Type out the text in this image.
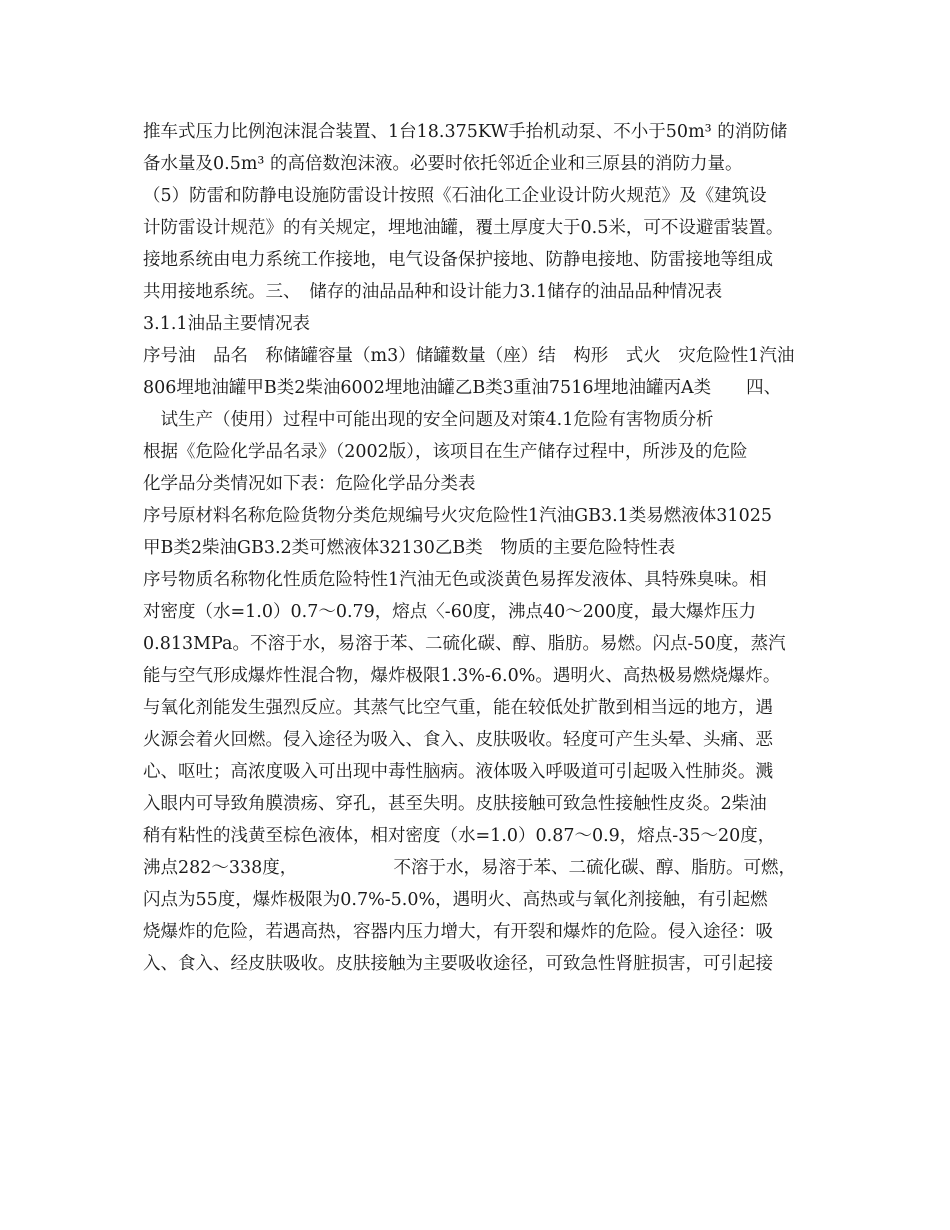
推车式压力比例泡沫混合装置、1台18.375KW手抬机动泵、不小于50m³ 的消防储
备水量及0.5m³ 的高倍数泡沫液。必要时依托邻近企业和三原县的消防力量。
（5）防雷和防静电设施防雷设计按照《石油化工企业设计防火规范》及《建筑设
计防雷设计规范》的有关规定，埋地油罐，覆土厚度大于0.5米，可不设避雷装置。
接地系统由电力系统工作接地，电气设备保护接地、防静电接地、防雷接地等组成
共用接地系统。三、　储存的油品品种和设计能力3.1储存的油品品种情况表
3.1.1油品主要情况表
序号油　品名　称储罐容量（m3）储罐数量（座）结　构形　式火　灾危险性1汽油
806埋地油罐甲B类2柴油6002埋地油罐乙B类3重油7516埋地油罐丙A类　　四、
　试生产（使用）过程中可能出现的安全问题及对策4.1危险有害物质分析
根据《危险化学品名录》（2002版），该项目在生产储存过程中，所涉及的危险
化学品分类情况如下表：危险化学品分类表
序号原材料名称危险货物分类危规编号火灾危险性1汽油GB3.1类易燃液体31025
甲B类2柴油GB3.2类可燃液体32130乙B类　物质的主要危险特性表
序号物质名称物化性质危险特性1汽油无色或淡黄色易挥发液体、具特殊臭味。相
对密度（水=1.0）0.7～0.79，熔点〈-60度，沸点40～200度，最大爆炸压力
0.813MPa。不溶于水，易溶于苯、二硫化碳、醇、脂肪。易燃。闪点-50度，蒸汽
能与空气形成爆炸性混合物，爆炸极限1.3%-6.0%。遇明火、高热极易燃烧爆炸。
与氧化剂能发生强烈反应。其蒸气比空气重，能在较低处扩散到相当远的地方，遇
火源会着火回燃。侵入途径为吸入、食入、皮肤吸收。轻度可产生头晕、头痛、恶
心、呕吐；高浓度吸入可出现中毒性脑病。液体吸入呼吸道可引起吸入性肺炎。溅
入眼内可导致角膜溃疡、穿孔，甚至失明。皮肤接触可致急性接触性皮炎。2柴油
稍有粘性的浅黄至棕色液体，相对密度（水=1.0）0.87～0.9，熔点-35～20度，
沸点282～338度，　　　　　　不溶于水，易溶于苯、二硫化碳、醇、脂肪。可燃，
闪点为55度，爆炸极限为0.7%-5.0%，遇明火、高热或与氧化剂接触，有引起燃
烧爆炸的危险，若遇高热，容器内压力增大，有开裂和爆炸的危险。侵入途径：吸
入、食入、经皮肤吸收。皮肤接触为主要吸收途径，可致急性肾脏损害，可引起接
